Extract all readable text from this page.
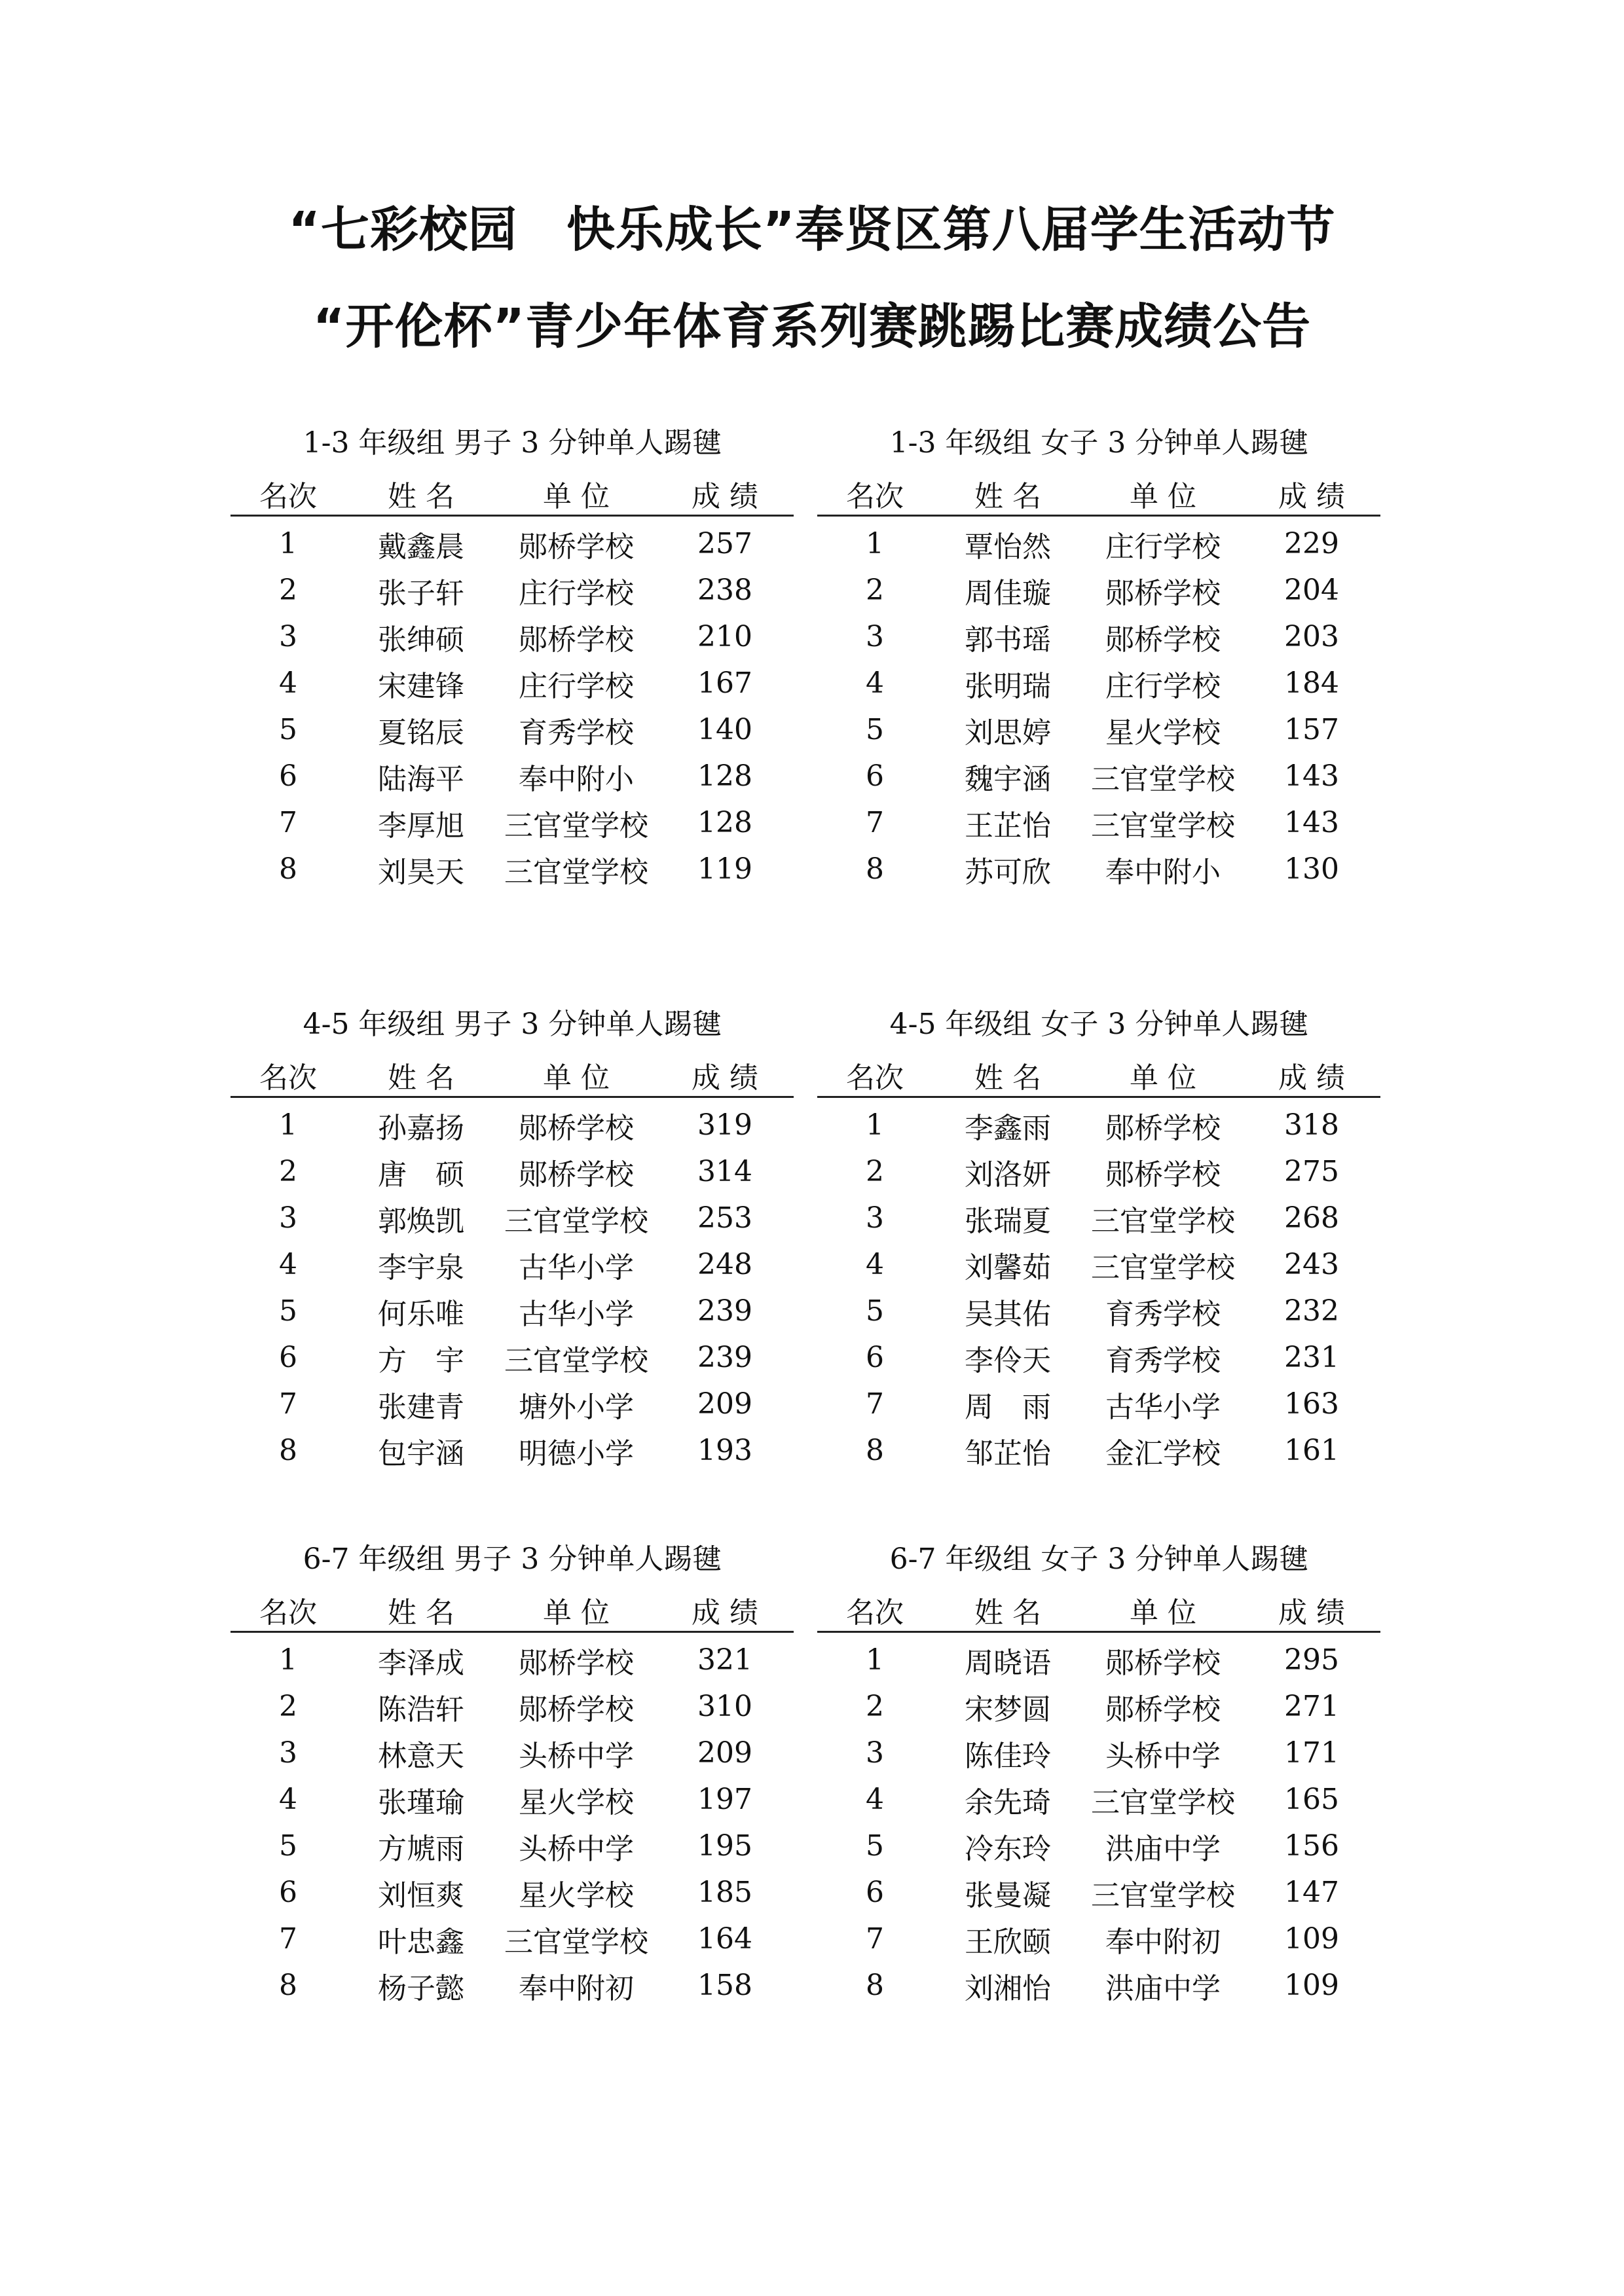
“七彩校园　快乐成长”奉贤区第八届学生活动节
“开伦杯”青少年体育系列赛跳踢比赛成绩公告
1-3 年级组 男子 3 分钟单人踢毽
名次	姓 名	单 位	成 绩
1	戴鑫晨	郧桥学校	257
2	张子轩	庄行学校	238
3	张绅硕	郧桥学校	210
4	宋建锋	庄行学校	167
5	夏铭辰	育秀学校	140
6	陆海平	奉中附小	128
7	李厚旭	三官堂学校	128
8	刘昊天	三官堂学校	119
1-3 年级组 女子 3 分钟单人踢毽
名次	姓 名	单 位	成 绩
1	覃怡然	庄行学校	229
2	周佳璇	郧桥学校	204
3	郭书瑶	郧桥学校	203
4	张明瑞	庄行学校	184
5	刘思婷	星火学校	157
6	魏宇涵	三官堂学校	143
7	王芷怡	三官堂学校	143
8	苏可欣	奉中附小	130
4-5 年级组 男子 3 分钟单人踢毽
名次	姓 名	单 位	成 绩
1	孙嘉扬	郧桥学校	319
2	唐　硕	郧桥学校	314
3	郭焕凯	三官堂学校	253
4	李宇泉	古华小学	248
5	何乐唯	古华小学	239
6	方　宇	三官堂学校	239
7	张建青	塘外小学	209
8	包宇涵	明德小学	193
4-5 年级组 女子 3 分钟单人踢毽
名次	姓 名	单 位	成 绩
1	李鑫雨	郧桥学校	318
2	刘洛妍	郧桥学校	275
3	张瑞夏	三官堂学校	268
4	刘馨茹	三官堂学校	243
5	吴其佑	育秀学校	232
6	李伶天	育秀学校	231
7	周　雨	古华小学	163
8	邹芷怡	金汇学校	161
6-7 年级组 男子 3 分钟单人踢毽
名次	姓 名	单 位	成 绩
1	李泽成	郧桥学校	321
2	陈浩轩	郧桥学校	310
3	林意天	头桥中学	209
4	张瑾瑜	星火学校	197
5	方虓雨	头桥中学	195
6	刘恒爽	星火学校	185
7	叶忠鑫	三官堂学校	164
8	杨子懿	奉中附初	158
6-7 年级组 女子 3 分钟单人踢毽
名次	姓 名	单 位	成 绩
1	周晓语	郧桥学校	295
2	宋梦圆	郧桥学校	271
3	陈佳玲	头桥中学	171
4	余先琦	三官堂学校	165
5	冷东玲	洪庙中学	156
6	张曼凝	三官堂学校	147
7	王欣颐	奉中附初	109
8	刘湘怡	洪庙中学	109
